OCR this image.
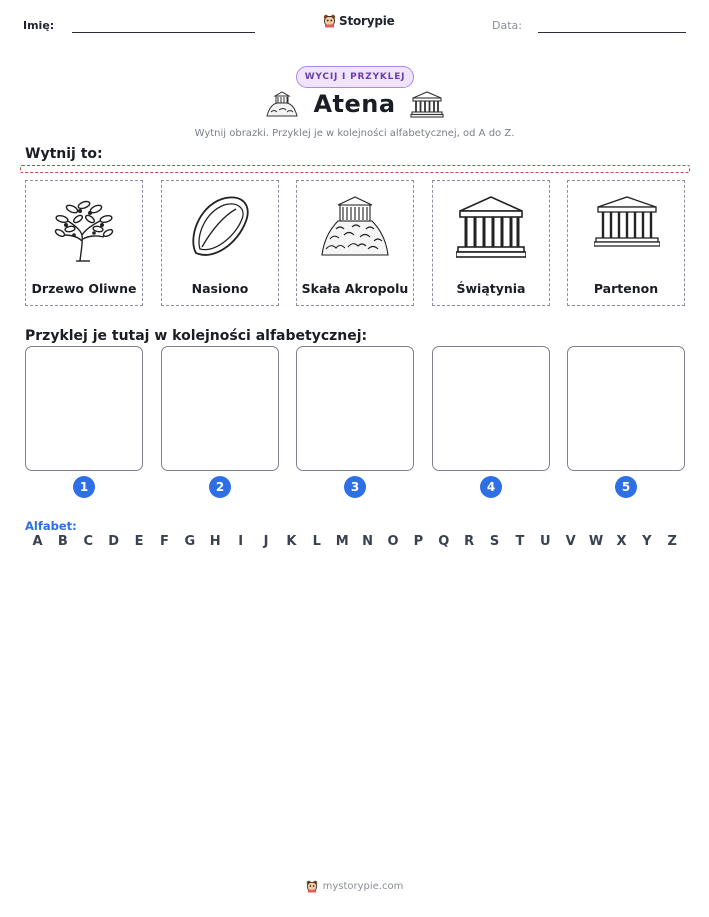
Imię:	Storypie	Data:
WYCIJ I PRZYKLEJ
Atena
Wytnij obrazki. Przyklej je w kolejności alfabetycznej, od A do Z.
Wytnij to:
Drzewo Oliwne	Nasiono	Skała Akropolu	Świątynia	Partenon
Przyklej je tutaj w kolejności alfabetycznej:
1	2	3	4	5
Alfabet:
A	B	C	D	E	F	G	H	I	J	K	L	M	N	O	P	Q	R	S	T	U	V	W	X	Y	Z
mystorypie.com
